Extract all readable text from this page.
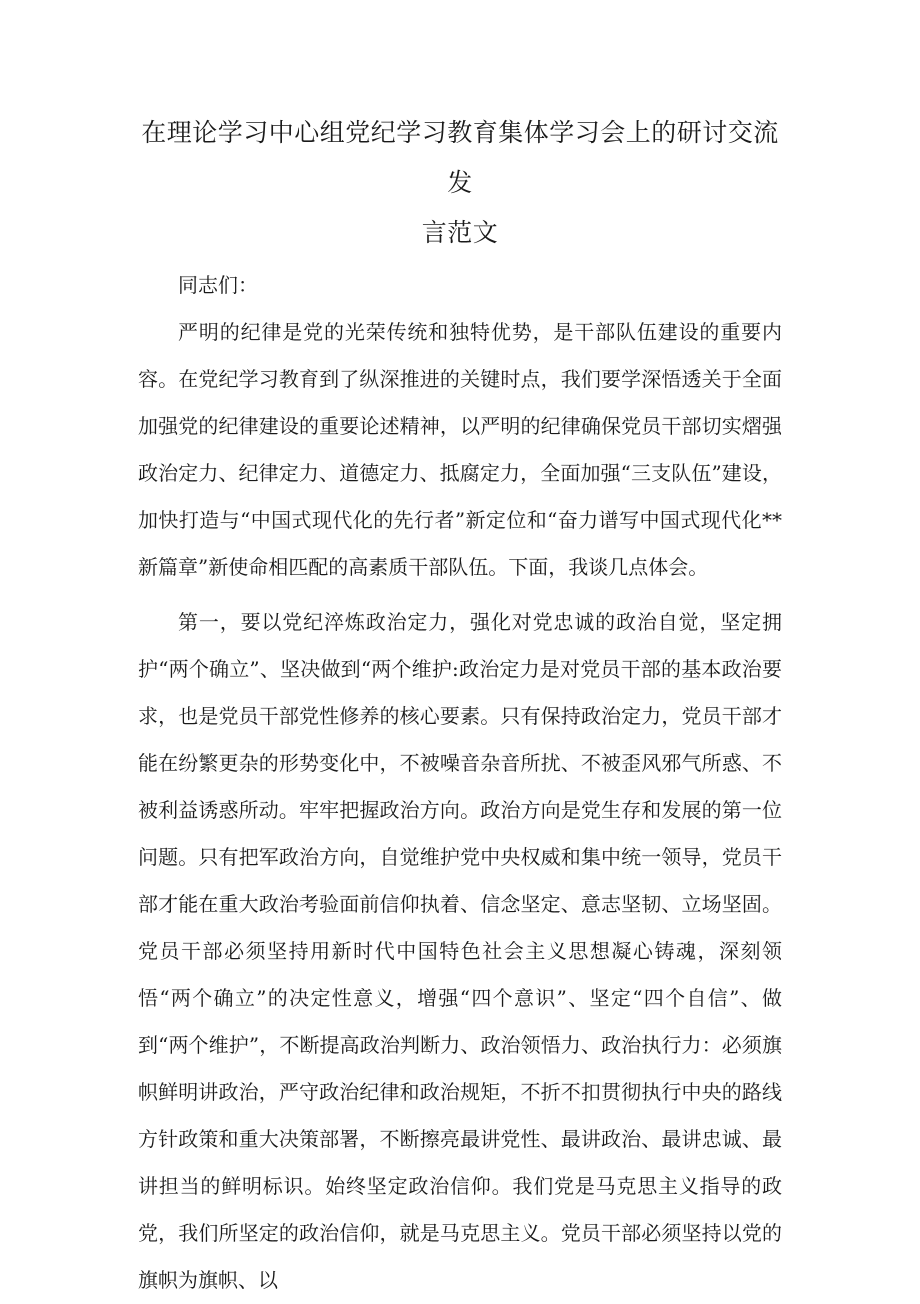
在理论学习中心组党纪学习教育集体学习会上的研讨交流发
言范文

同志们：

严明的纪律是党的光荣传统和独特优势，是干部队伍建设的重要内容。在党纪学习教育到了纵深推进的关键时点，我们要学深悟透关于全面加强党的纪律建设的重要论述精神，以严明的纪律确保党员干部切实熠强政治定力、纪律定力、道德定力、抵腐定力，全面加强“三支队伍”建设，加快打造与“中国式现代化的先行者”新定位和“奋力谱写中国式现代化**新篇章”新使命相匹配的高素质干部队伍。下面，我谈几点体会。

第一，要以党纪淬炼政治定力，强化对党忠诚的政治自觉，坚定拥护“两个确立”、坚决做到“两个维护:政治定力是对党员干部的基本政治要求，也是党员干部党性修养的核心要素。只有保持政治定力，党员干部才能在纷繁更杂的形势变化中，不被噪音杂音所扰、不被歪风邪气所惑、不被利益诱惑所动。牢牢把握政治方向。政治方向是党生存和发展的第一位问题。只有把军政治方向，自觉维护党中央权威和集中统一领导，党员干部才能在重大政治考验面前信仰执着、信念坚定、意志坚韧、立场坚固。党员干部必须坚持用新时代中国特色社会主义思想凝心铸魂，深刻领悟“两个确立”的决定性意义，增强“四个意识”、坚定“四个自信”、做到“两个维护”，不断提高政治判断力、政治领悟力、政治执行力：必须旗帜鲜明讲政治，严守政治纪律和政治规矩，不折不扣贯彻执行中央的路线方针政策和重大决策部署，不断擦亮最讲党性、最讲政治、最讲忠诚、最讲担当的鲜明标识。始终坚定政治信仰。我们党是马克思主义指导的政党，我们所坚定的政治信仰，就是马克思主义。党员干部必须坚持以党的旗帜为旗帜、以
